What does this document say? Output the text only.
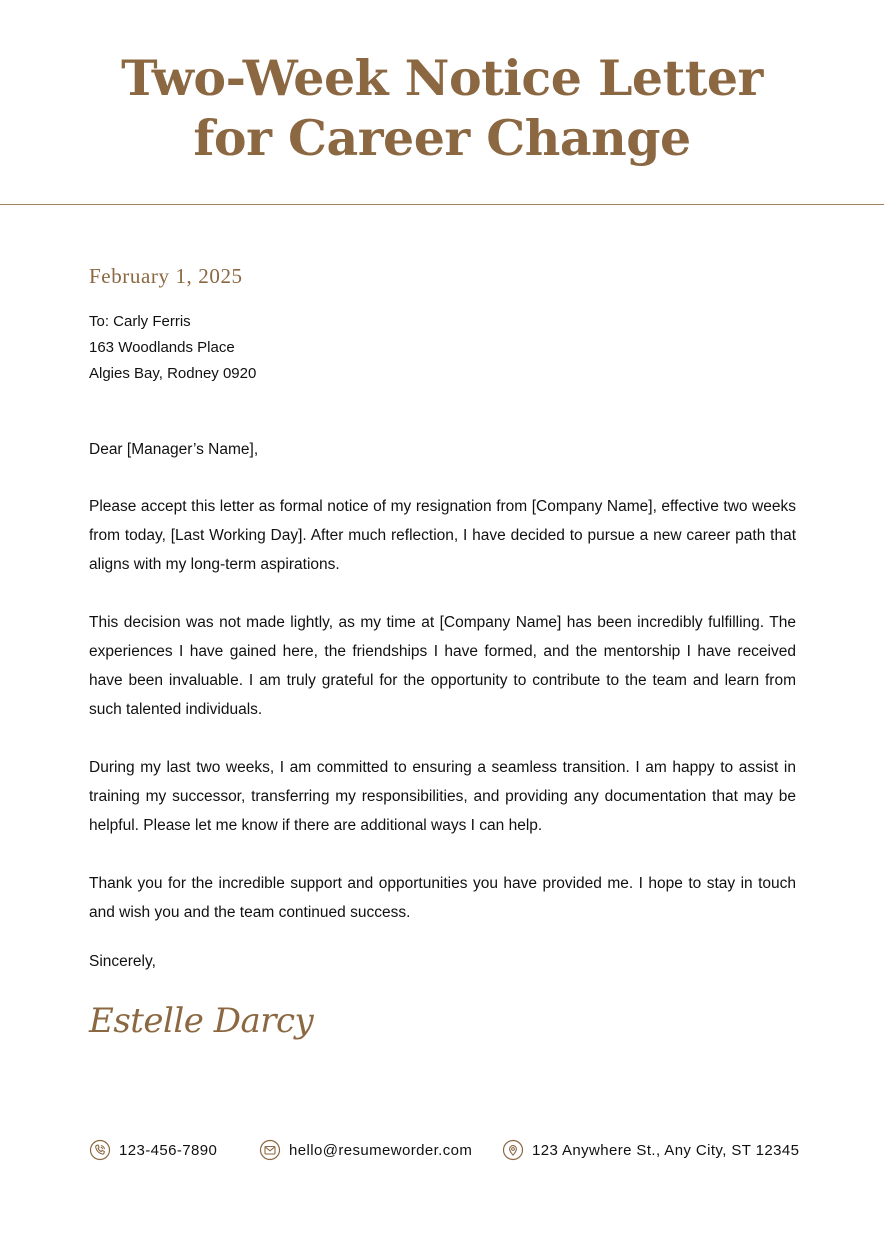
Two-Week Notice Letter
for Career Change

February 1, 2025

To: Carly Ferris
163 Woodlands Place
Algies Bay, Rodney 0920

Dear [Manager’s Name],

Please accept this letter as formal notice of my resignation from [Company Name], effective two weeks from today, [Last Working Day]. After much reflection, I have decided to pursue a new career path that aligns with my long-term aspirations.

This decision was not made lightly, as my time at [Company Name] has been incredibly fulfilling. The experiences I have gained here, the friendships I have formed, and the mentorship I have received have been invaluable. I am truly grateful for the opportunity to contribute to the team and learn from such talented individuals.

During my last two weeks, I am committed to ensuring a seamless transition. I am happy to assist in training my successor, transferring my responsibilities, and providing any documentation that may be helpful. Please let me know if there are additional ways I can help.

Thank you for the incredible support and opportunities you have provided me. I hope to stay in touch and wish you and the team continued success.

Sincerely,

Estelle Darcy
123-456-7890	hello@resumeworder.com	123 Anywhere St., Any City, ST 12345
